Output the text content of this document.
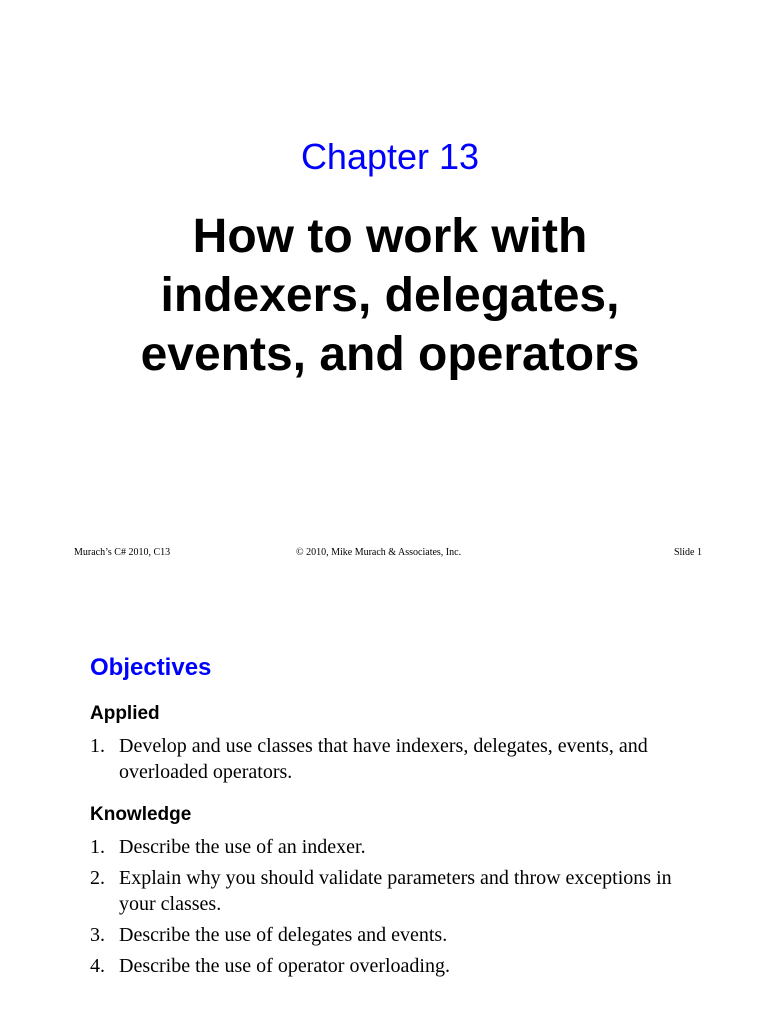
Chapter 13
How to work with
indexers, delegates,
events, and operators
Murach’s C# 2010, C13	© 2010, Mike Murach & Associates, Inc.	Slide 1
Objectives
Applied
1. Develop and use classes that have indexers, delegates, events, and overloaded operators.
Knowledge
1. Describe the use of an indexer.
2. Explain why you should validate parameters and throw exceptions in your classes.
3. Describe the use of delegates and events.
4. Describe the use of operator overloading.
